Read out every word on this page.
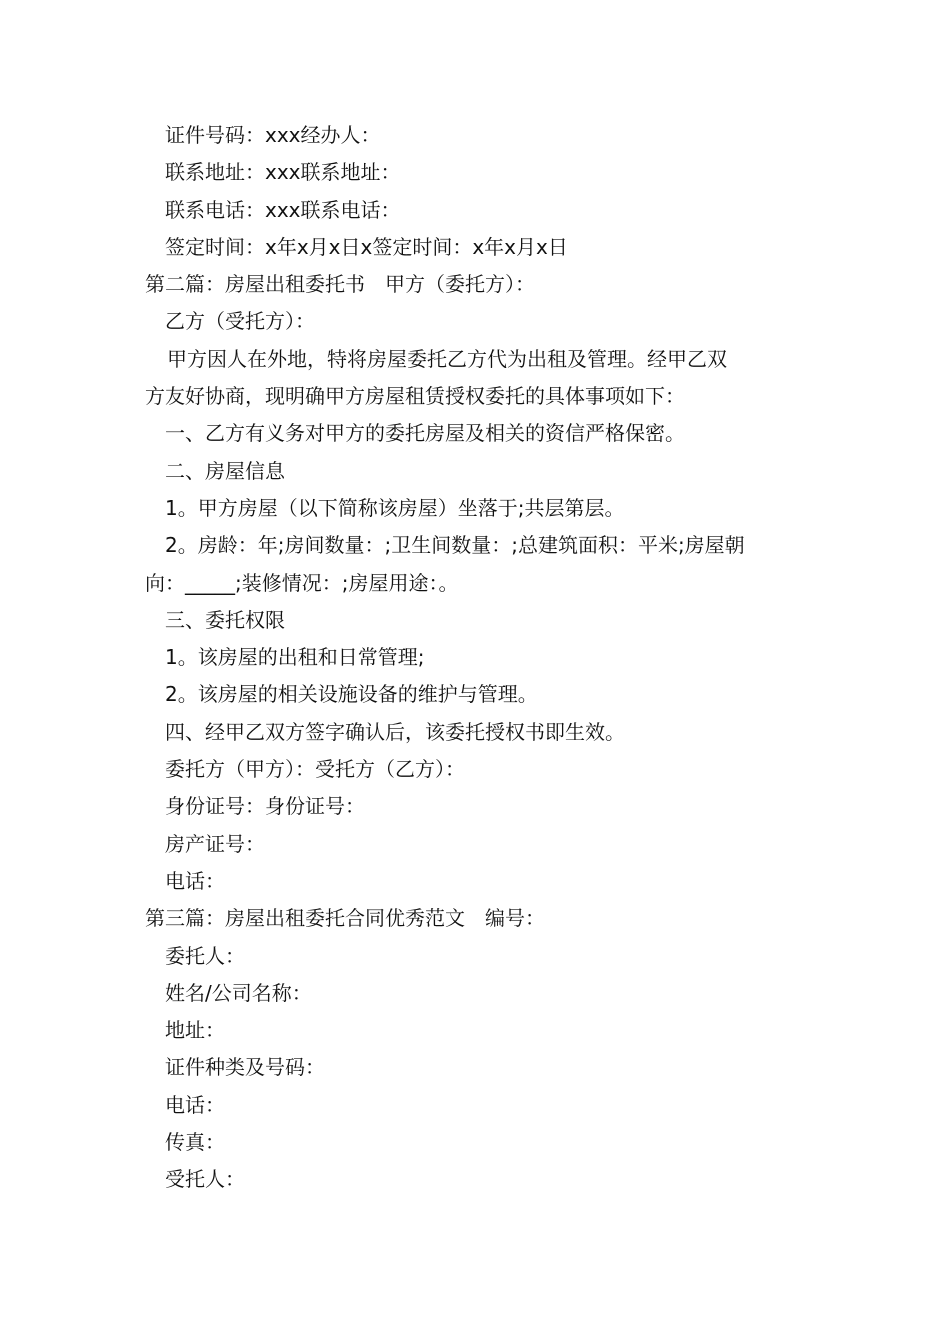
证件号码：xxx经办人：
联系地址：xxx联系地址：
联系电话：xxx联系电话：
签定时间：x年x月x日x签定时间：x年x月x日
第二篇：房屋出租委托书　甲方（委托方）：
乙方（受托方）：
甲方因人在外地，特将房屋委托乙方代为出租及管理。经甲乙双
方友好协商，现明确甲方房屋租赁授权委托的具体事项如下：
一、乙方有义务对甲方的委托房屋及相关的资信严格保密。
二、房屋信息
1。甲方房屋（以下简称该房屋）坐落于;共层第层。
2。房龄：年;房间数量：;卫生间数量：;总建筑面积：平米;房屋朝
向：_____;装修情况：;房屋用途：。
三、委托权限
1。该房屋的出租和日常管理;
2。该房屋的相关设施设备的维护与管理。
四、经甲乙双方签字确认后，该委托授权书即生效。
委托方（甲方）：受托方（乙方）：
身份证号：身份证号：
房产证号：
电话：
第三篇：房屋出租委托合同优秀范文　编号：
委托人：
姓名/公司名称：
地址：
证件种类及号码：
电话：
传真：
受托人：
